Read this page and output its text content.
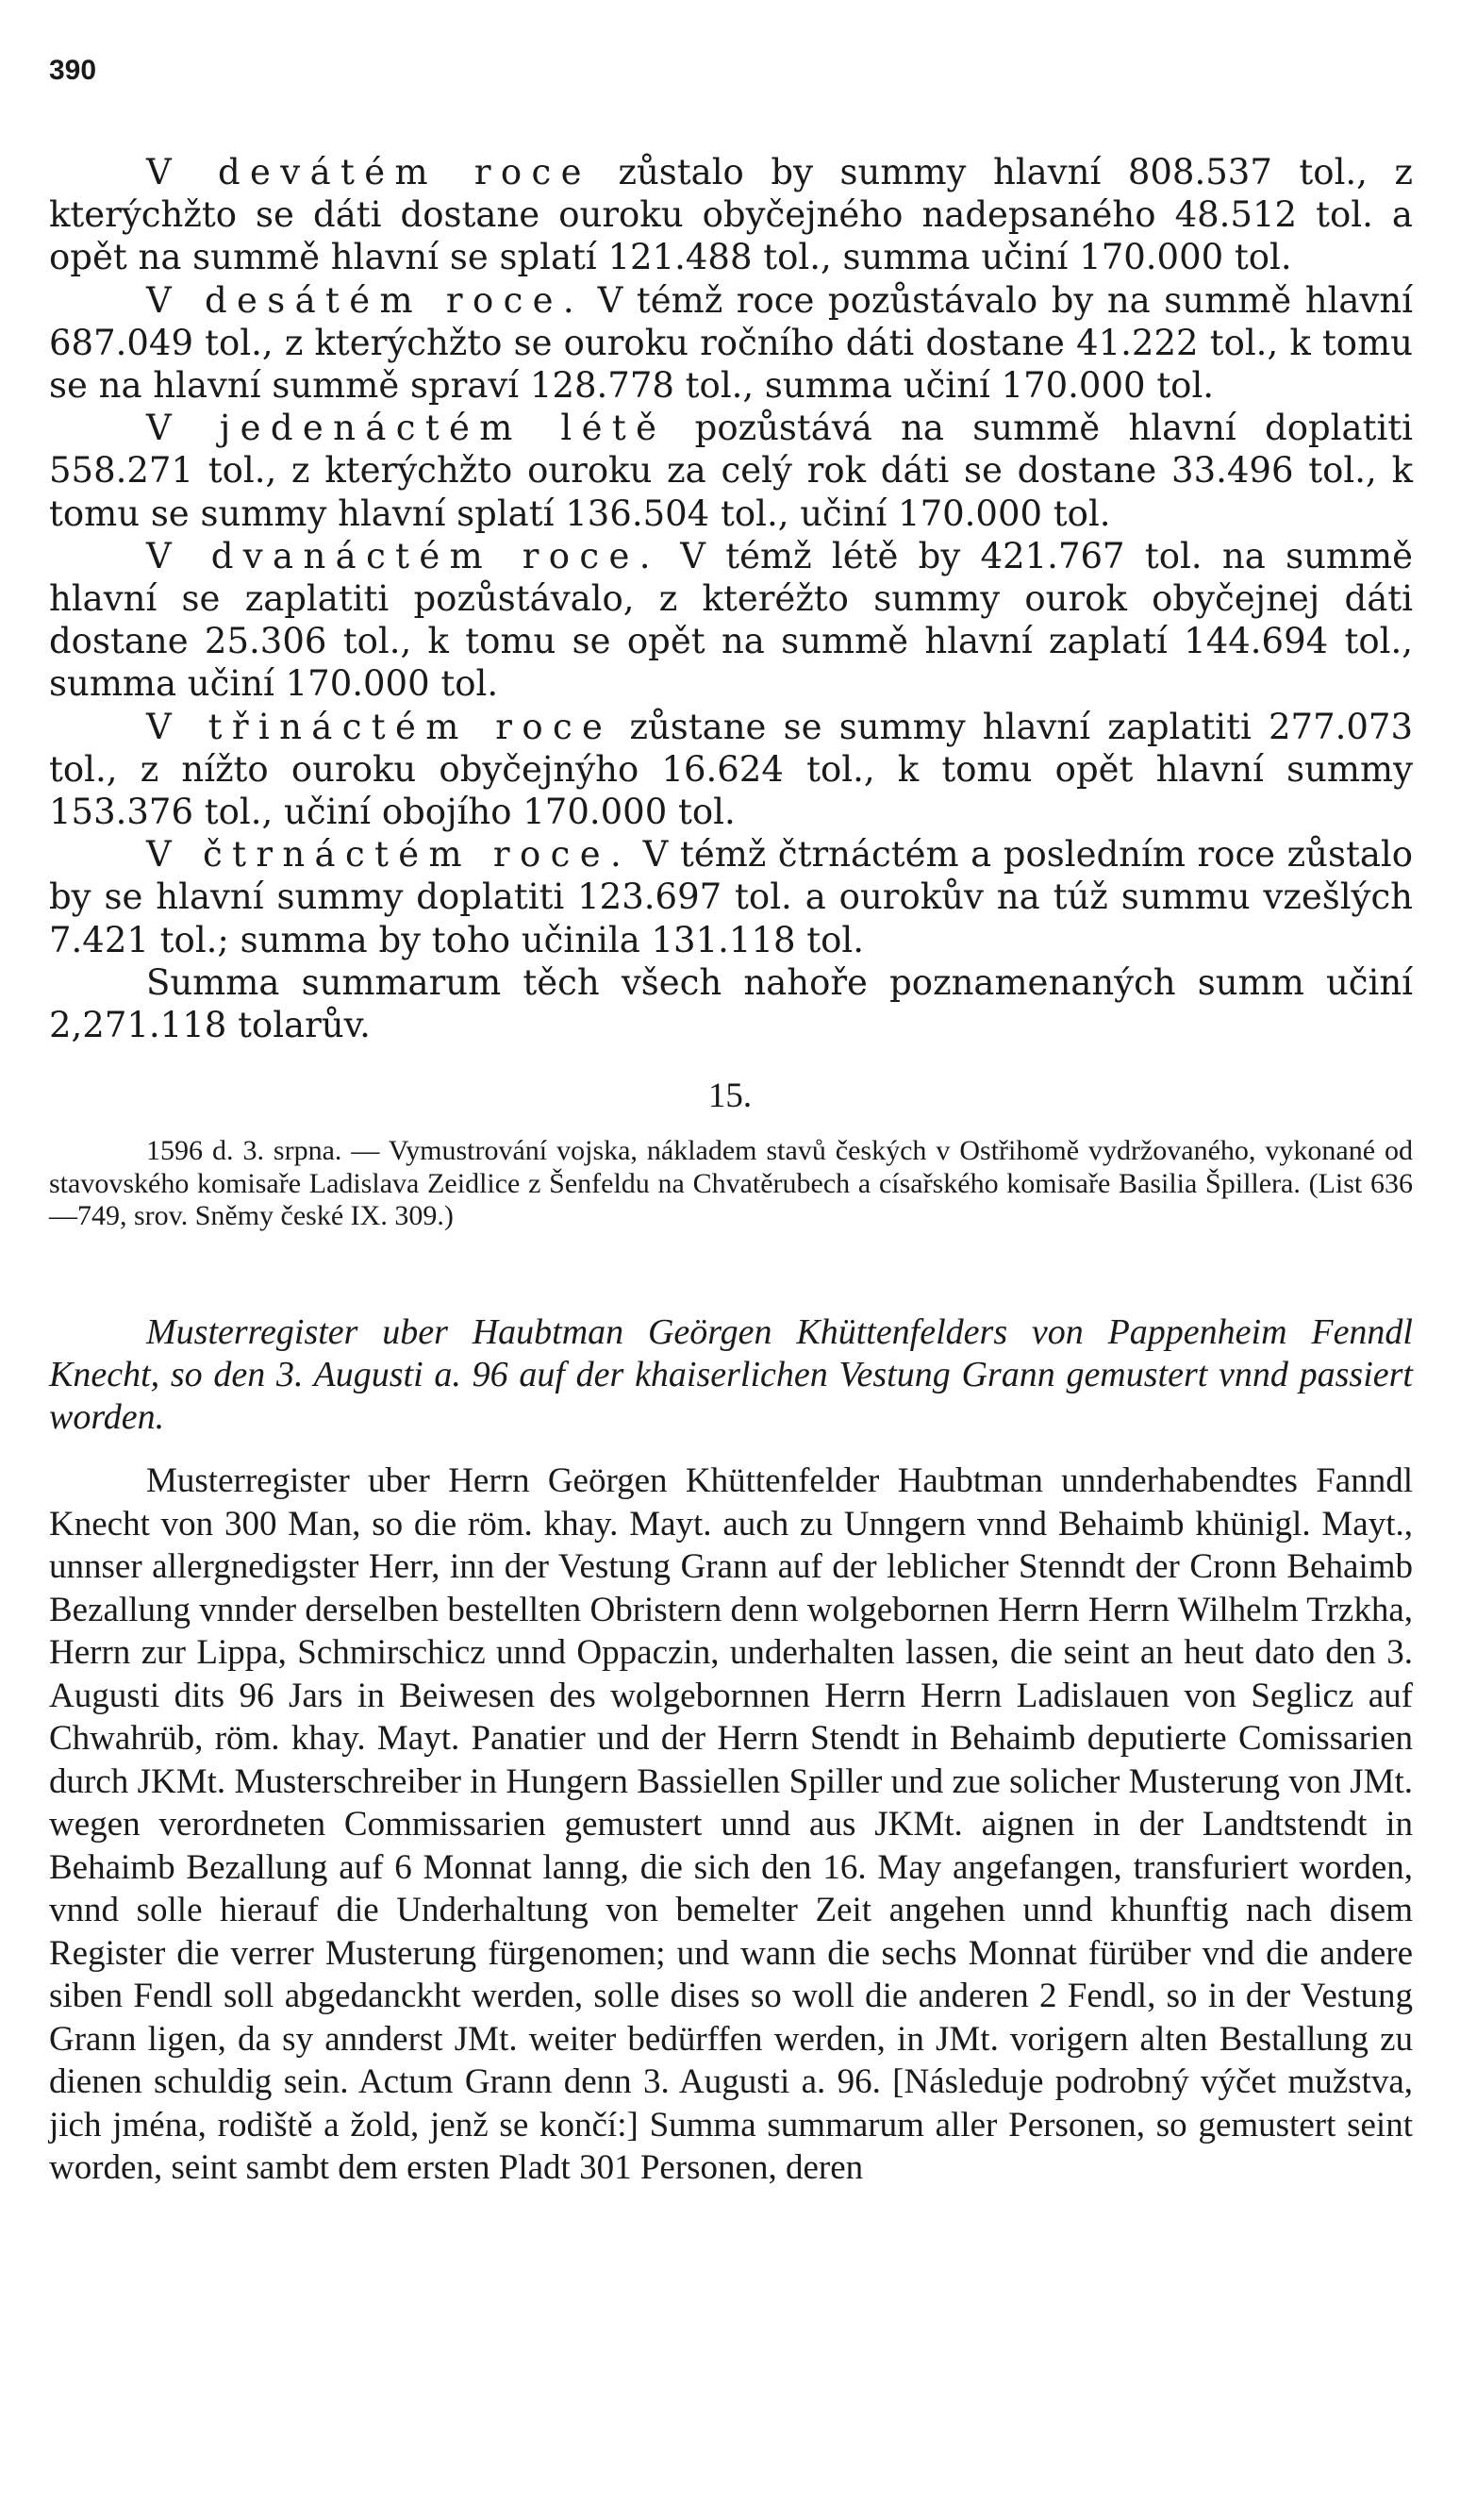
390

V devátém roce zůstalo by summy hlavní 808.537 tol., z kterýchžto se dáti dostane ouroku obyčejného nadepsaného 48.512 tol. a opět na summě hlavní se splatí 121.488 tol., summa učiní 170.000 tol.

V desátém roce. V témž roce pozůstávalo by na summě hlavní 687.049 tol., z kterýchžto se ouroku ročního dáti dostane 41.222 tol., k tomu se na hlavní summě spraví 128.778 tol., summa učiní 170.000 tol.

V jedenáctém létě pozůstává na summě hlavní doplatiti 558.271 tol., z kterýchžto ouroku za celý rok dáti se dostane 33.496 tol., k tomu se summy hlavní splatí 136.504 tol., učiní 170.000 tol.

V dvanáctém roce. V témž létě by 421.767 tol. na summě hlavní se zaplatiti pozůstávalo, z kteréžto summy ourok obyčejnej dáti dostane 25.306 tol., k tomu se opět na summě hlavní zaplatí 144.694 tol., summa učiní 170.000 tol.

V třináctém roce zůstane se summy hlavní zaplatiti 277.073 tol., z nížto ouroku obyčejnýho 16.624 tol., k tomu opět hlavní summy 153.376 tol., učiní obojího 170.000 tol.

V čtrnáctém roce. V témž čtrnáctém a posledním roce zůstalo by se hlavní summy doplatiti 123.697 tol. a ourokův na túž summu vzešlých 7.421 tol.; summa by toho učinila 131.118 tol.

Summa summarum těch všech nahoře poznamenaných summ učiní 2,271.118 tolarův.

15.

1596 d. 3. srpna. — Vymustrování vojska, nákladem stavů českých v Ostřihomě vydržovaného, vykonané od stavovského komisaře Ladislava Zeidlice z Šenfeldu na Chvatěrubech a císařského komisaře Basilia Špillera. (List 636—749, srov. Sněmy české IX. 309.)

Musterregister uber Haubtman Geörgen Khüttenfelders von Pappenheim Fenndl Knecht, so den 3. Augusti a. 96 auf der khaiserlichen Vestung Grann gemustert vnnd passiert worden.

Musterregister uber Herrn Geörgen Khüttenfelder Haubtman unnderhabendtes Fanndl Knecht von 300 Man, so die röm. khay. Mayt. auch zu Unngern vnnd Behaimb khünigl. Mayt., unnser allergnedigster Herr, inn der Vestung Grann auf der leblicher Stenndt der Cronn Behaimb Bezallung vnnder derselben bestellten Obristern denn wolgebornen Herrn Herrn Wilhelm Trzkha, Herrn zur Lippa, Schmirschicz unnd Oppaczin, underhalten lassen, die seint an heut dato den 3. Augusti dits 96 Jars in Beiwesen des wolgebornnen Herrn Herrn Ladislauen von Seglicz auf Chwahrüb, röm. khay. Mayt. Panatier und der Herrn Stendt in Behaimb deputierte Comissarien durch JKMt. Musterschreiber in Hungern Bassiellen Spiller und zue solicher Musterung von JMt. wegen verordneten Commissarien gemustert unnd aus JKMt. aignen in der Landtstendt in Behaimb Bezallung auf 6 Monnat lanng, die sich den 16. May angefangen, transfuriert worden, vnnd solle hierauf die Underhaltung von bemelter Zeit angehen unnd khunftig nach disem Register die verrer Musterung fürgenomen; und wann die sechs Monnat fürüber vnd die andere siben Fendl soll abgedanckht werden, solle dises so woll die anderen 2 Fendl, so in der Vestung Grann ligen, da sy annderst JMt. weiter bedürffen werden, in JMt. vorigern alten Bestallung zu dienen schuldig sein. Actum Grann denn 3. Augusti a. 96. [Následuje podrobný výčet mužstva, jich jména, rodiště a žold, jenž se končí:] Summa summarum aller Personen, so gemustert seint worden, seint sambt dem ersten Pladt 301 Personen, deren
